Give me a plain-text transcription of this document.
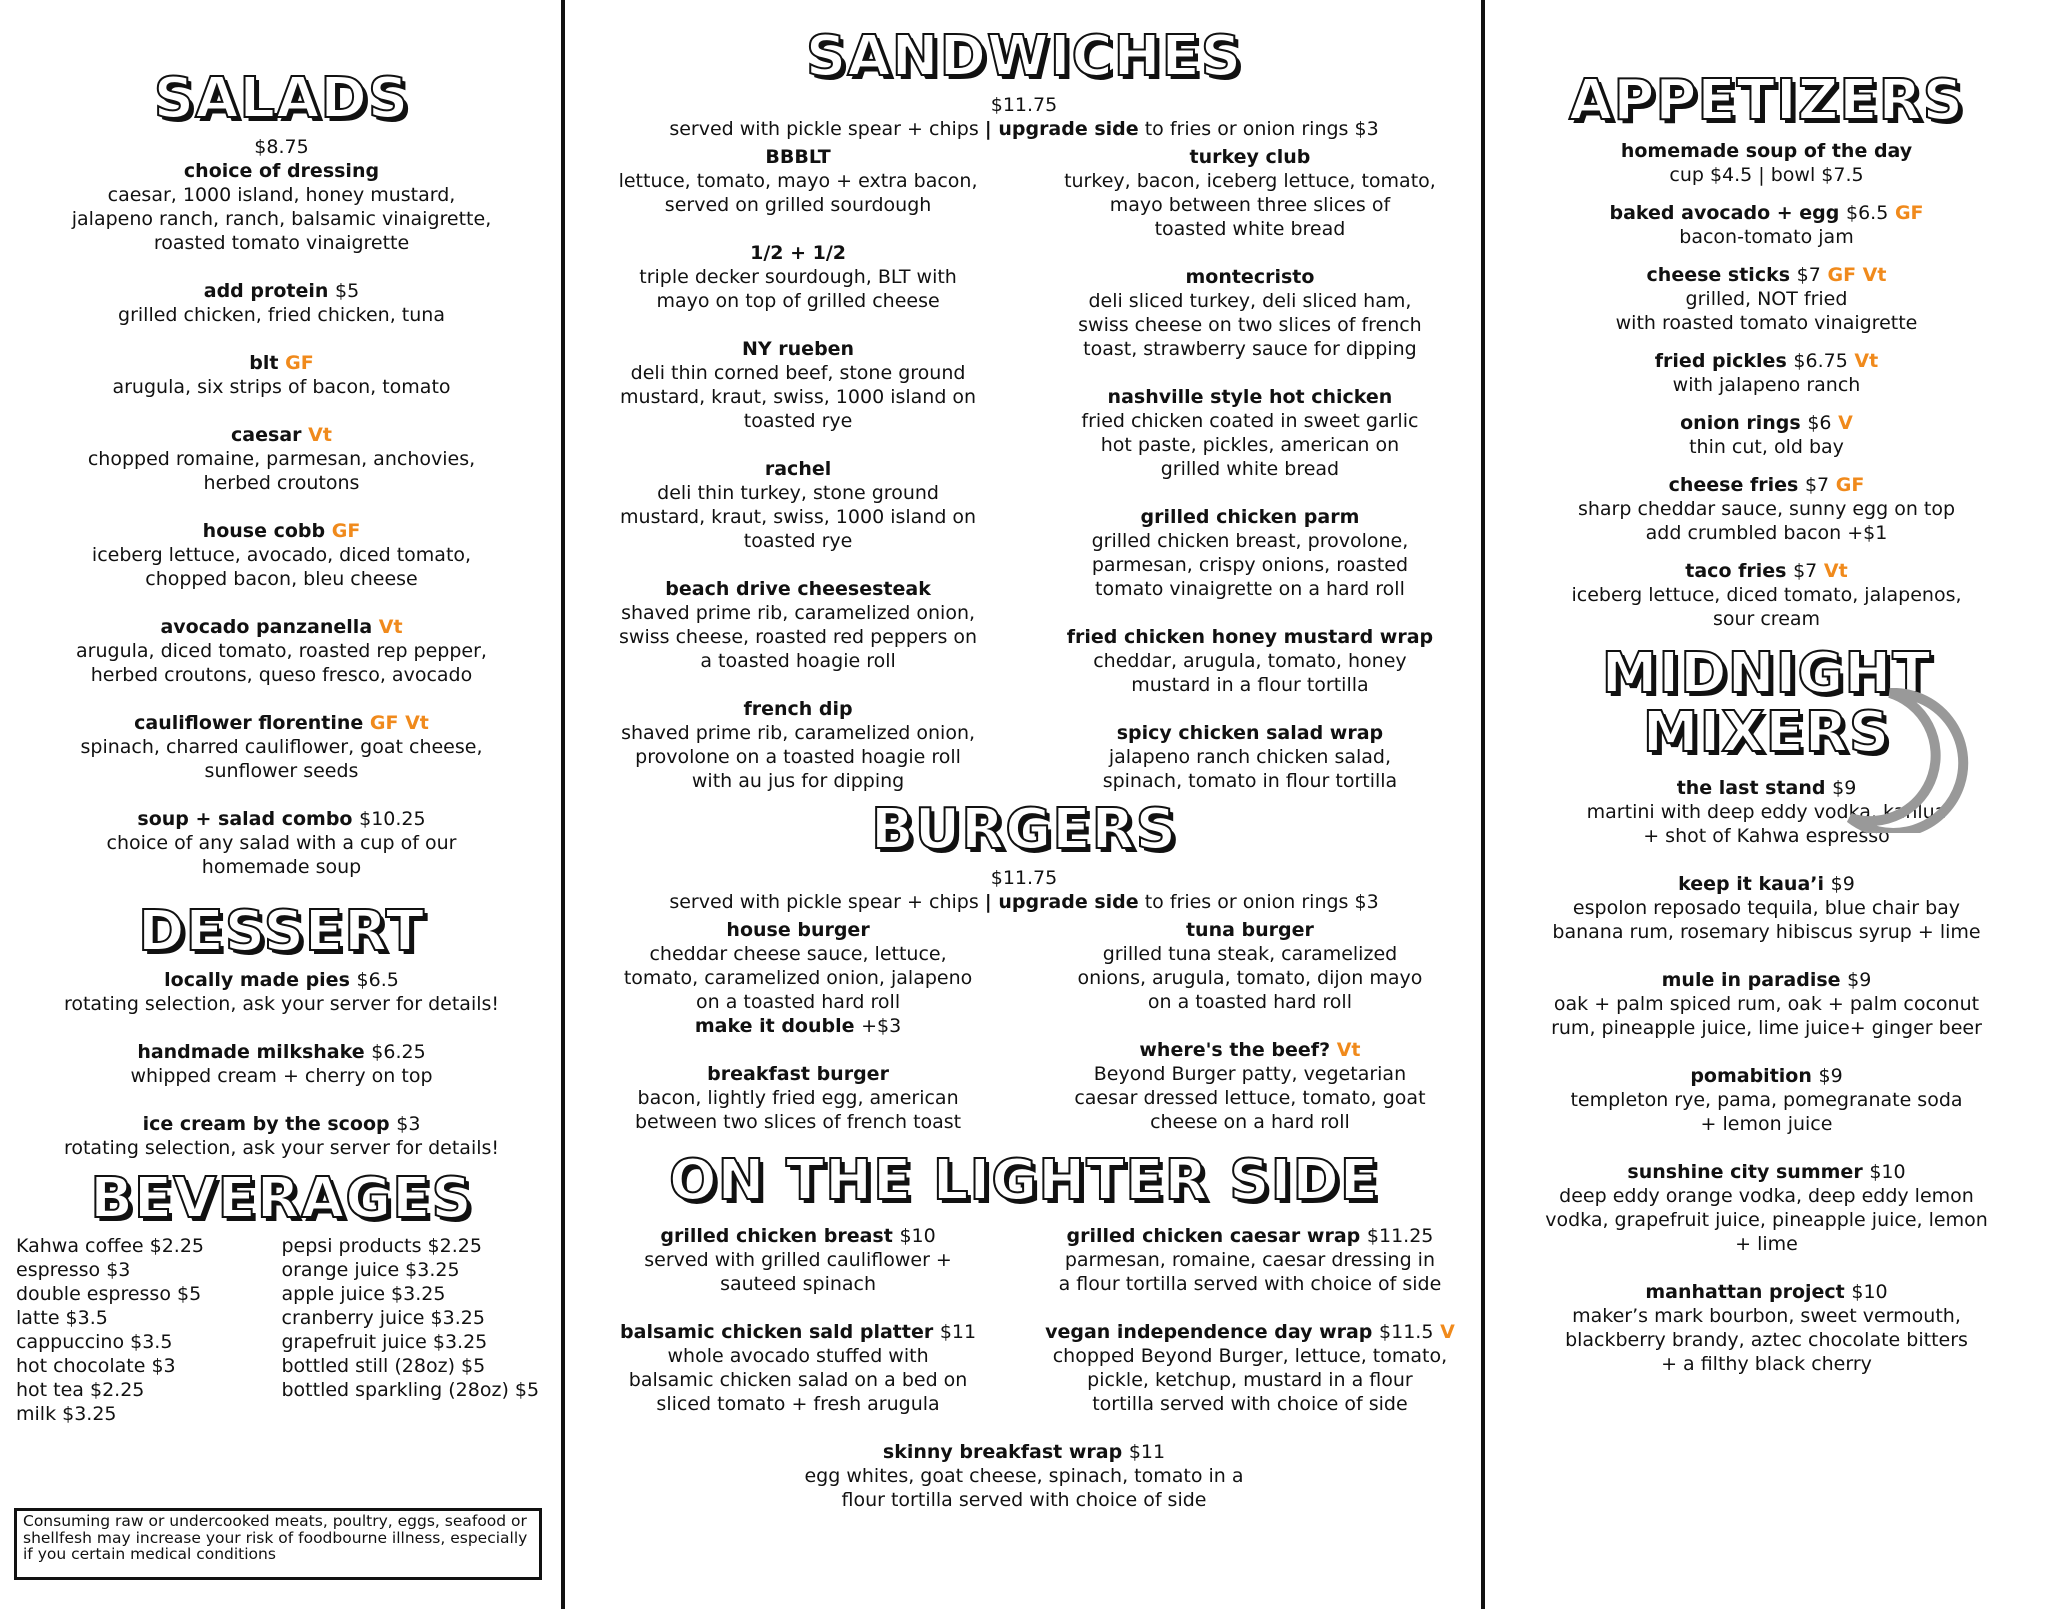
SALADS
$8.75
choice of dressing
caesar, 1000 island, honey mustard,
jalapeno ranch, ranch, balsamic vinaigrette,
roasted tomato vinaigrette
add protein $5
grilled chicken, fried chicken, tuna
blt GF
arugula, six strips of bacon, tomato
caesar Vt
chopped romaine, parmesan, anchovies,
herbed croutons
house cobb GF
iceberg lettuce, avocado, diced tomato,
chopped bacon, bleu cheese
avocado panzanella Vt
arugula, diced tomato, roasted rep pepper,
herbed croutons, queso fresco, avocado
cauliflower florentine GF Vt
spinach, charred cauliflower, goat cheese,
sunflower seeds
soup + salad combo $10.25
choice of any salad with a cup of our
homemade soup
DESSERT
locally made pies $6.5
rotating selection, ask your server for details!
handmade milkshake $6.25
whipped cream + cherry on top
ice cream by the scoop $3
rotating selection, ask your server for details!
BEVERAGES
Kahwa coffee $2.25
espresso $3
double espresso $5
latte $3.5
cappuccino $3.5
hot chocolate $3
hot tea $2.25
milk $3.25
pepsi products $2.25
orange juice $3.25
apple juice $3.25
cranberry juice $3.25
grapefruit juice $3.25
bottled still (28oz) $5
bottled sparkling (28oz) $5
Consuming raw or undercooked meats, poultry, eggs, seafood or shellfesh may increase your risk of foodbourne illness, especially if you certain medical conditions
SANDWICHES
$11.75
served with pickle spear + chips | upgrade side to fries or onion rings $3
BBBLT
lettuce, tomato, mayo + extra bacon,
served on grilled sourdough
1/2 + 1/2
triple decker sourdough, BLT with
mayo on top of grilled cheese
NY rueben
deli thin corned beef, stone ground
mustard, kraut, swiss, 1000 island on
toasted rye
rachel
deli thin turkey, stone ground
mustard, kraut, swiss, 1000 island on
toasted rye
beach drive cheesesteak
shaved prime rib, caramelized onion,
swiss cheese, roasted red peppers on
a toasted hoagie roll
french dip
shaved prime rib, caramelized onion,
provolone on a toasted hoagie roll
with au jus for dipping
turkey club
turkey, bacon, iceberg lettuce, tomato,
mayo between three slices of
toasted white bread
montecristo
deli sliced turkey, deli sliced ham,
swiss cheese on two slices of french
toast, strawberry sauce for dipping
nashville style hot chicken
fried chicken coated in sweet garlic
hot paste, pickles, american on
grilled white bread
grilled chicken parm
grilled chicken breast, provolone,
parmesan, crispy onions, roasted
tomato vinaigrette on a hard roll
fried chicken honey mustard wrap
cheddar, arugula, tomato, honey
mustard in a flour tortilla
spicy chicken salad wrap
jalapeno ranch chicken salad,
spinach, tomato in flour tortilla
BURGERS
$11.75
served with pickle spear + chips | upgrade side to fries or onion rings $3
house burger
cheddar cheese sauce, lettuce,
tomato, caramelized onion, jalapeno
on a toasted hard roll
make it double +$3
breakfast burger
bacon, lightly fried egg, american
between two slices of french toast
tuna burger
grilled tuna steak, caramelized
onions, arugula, tomato, dijon mayo
on a toasted hard roll
where's the beef? Vt
Beyond Burger patty, vegetarian
caesar dressed lettuce, tomato, goat
cheese on a hard roll
ON THE LIGHTER SIDE
grilled chicken breast $10
served with grilled cauliflower +
sauteed spinach
balsamic chicken sald platter $11
whole avocado stuffed with
balsamic chicken salad on a bed on
sliced tomato + fresh arugula
grilled chicken caesar wrap $11.25
parmesan, romaine, caesar dressing in
a flour tortilla served with choice of side
vegan independence day wrap $11.5 V
chopped Beyond Burger, lettuce, tomato,
pickle, ketchup, mustard in a flour
tortilla served with choice of side
skinny breakfast wrap $11
egg whites, goat cheese, spinach, tomato in a
flour tortilla served with choice of side
APPETIZERS
homemade soup of the day
cup $4.5 | bowl $7.5
baked avocado + egg $6.5 GF
bacon-tomato jam
cheese sticks $7 GF Vt
grilled, NOT fried
with roasted tomato vinaigrette
fried pickles $6.75 Vt
with jalapeno ranch
onion rings $6 V
thin cut, old bay
cheese fries $7 GF
sharp cheddar sauce, sunny egg on top
add crumbled bacon +$1
taco fries $7 Vt
iceberg lettuce, diced tomato, jalapenos,
sour cream
MIDNIGHT
MIXERS
the last stand $9
martini with deep eddy vodka, kahlua
+ shot of Kahwa espresso
keep it kaua’i $9
espolon reposado tequila, blue chair bay
banana rum, rosemary hibiscus syrup + lime
mule in paradise $9
oak + palm spiced rum, oak + palm coconut
rum, pineapple juice, lime juice+ ginger beer
pomabition $9
templeton rye, pama, pomegranate soda
+ lemon juice
sunshine city summer $10
deep eddy orange vodka, deep eddy lemon
vodka, grapefruit juice, pineapple juice, lemon
+ lime
manhattan project $10
maker’s mark bourbon, sweet vermouth,
blackberry brandy, aztec chocolate bitters
+ a filthy black cherry
